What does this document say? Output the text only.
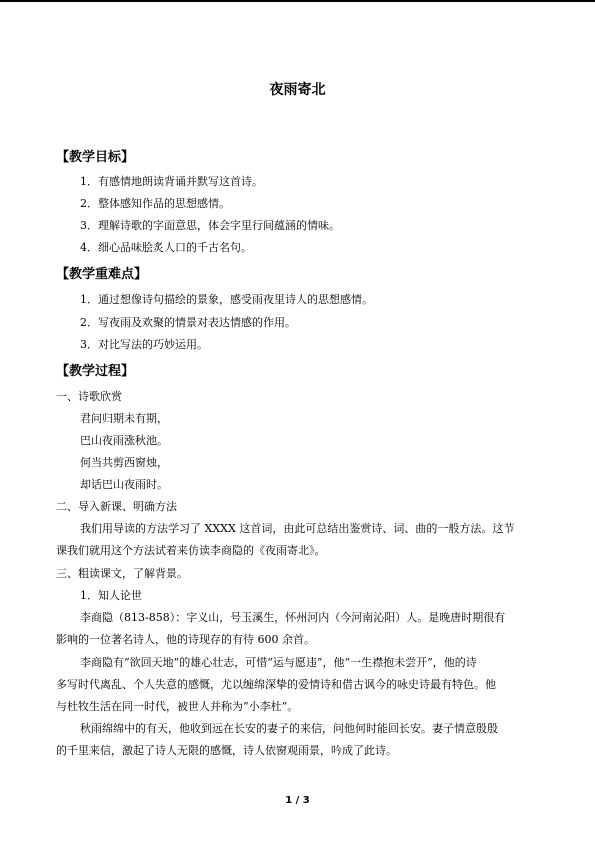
夜雨寄北
【教学目标】
1．有感情地朗读背诵并默写这首诗。
2．整体感知作品的思想感情。
3．理解诗歌的字面意思，体会字里行间蕴涵的情味。
4．细心品味脍炙人口的千古名句。
【教学重难点】
1．通过想像诗句描绘的景象，感受雨夜里诗人的思想感情。
2．写夜雨及欢聚的情景对表达情感的作用。
3．对比写法的巧妙运用。
【教学过程】
一、诗歌欣赏
君问归期未有期，
巴山夜雨涨秋池。
何当共剪西窗烛，
却话巴山夜雨时。
二、导入新课、明确方法
我们用导读的方法学习了 XXXX 这首词，由此可总结出鉴赏诗、词、曲的一般方法。这节
课我们就用这个方法试着来仿读李商隐的《夜雨寄北》。
三、粗读课文，了解背景。
1．知人论世
李商隐（813-858）：字义山，号玉溪生，怀州河内（今河南沁阳）人。是晚唐时期很有
影响的一位著名诗人，他的诗现存的有待 600 余首。
李商隐有“欲回天地”的雄心壮志，可惜“运与愿违”，他“一生襟抱未尝开”，他的诗
多写时代离乱、个人失意的感慨，尤以缠绵深挚的爱情诗和借古讽今的咏史诗最有特色。他
与杜牧生活在同一时代，被世人并称为“小李杜”。
秋雨绵绵中的有天，他收到远在长安的妻子的来信，问他何时能回长安。妻子情意殷殷
的千里来信，激起了诗人无限的感慨，诗人依窗观雨景，吟成了此诗。
1 / 3
